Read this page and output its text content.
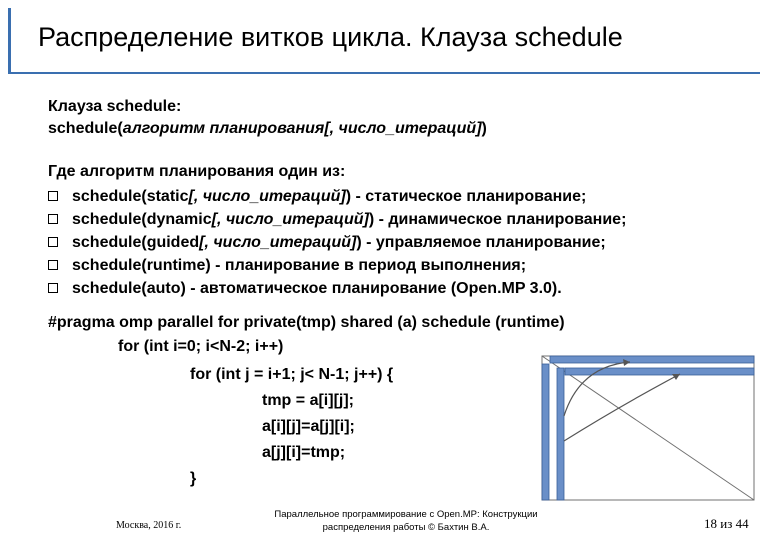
Распределение витков цикла. Клауза schedule
Клауза schedule:
schedule(алгоритм планирования[, число_итераций])
Где алгоритм планирования один из:
schedule(static [, число_итераций] ) - статическое планирование;
schedule(dynamic [, число_итераций] ) - динамическое планирование;
schedule(guided [, число_итераций] ) - управляемое планирование;
schedule(runtime) - планирование в период выполнения;
schedule(auto) - автоматическое планирование (Open.MP 3.0).
#pragma omp parallel for private(tmp) shared (a) schedule (runtime)
for (int i=0; i<N-2; i++)
for (int j = i+1; j< N-1; j++) {
tmp = a[i][j];
a[i][j]=a[j][i];
a[j][i]=tmp;
}
Москва, 2016 г.
Параллельное программирование с Open.MP: Конструкции
распределения работы © Бахтин В.А.	18 из 44
